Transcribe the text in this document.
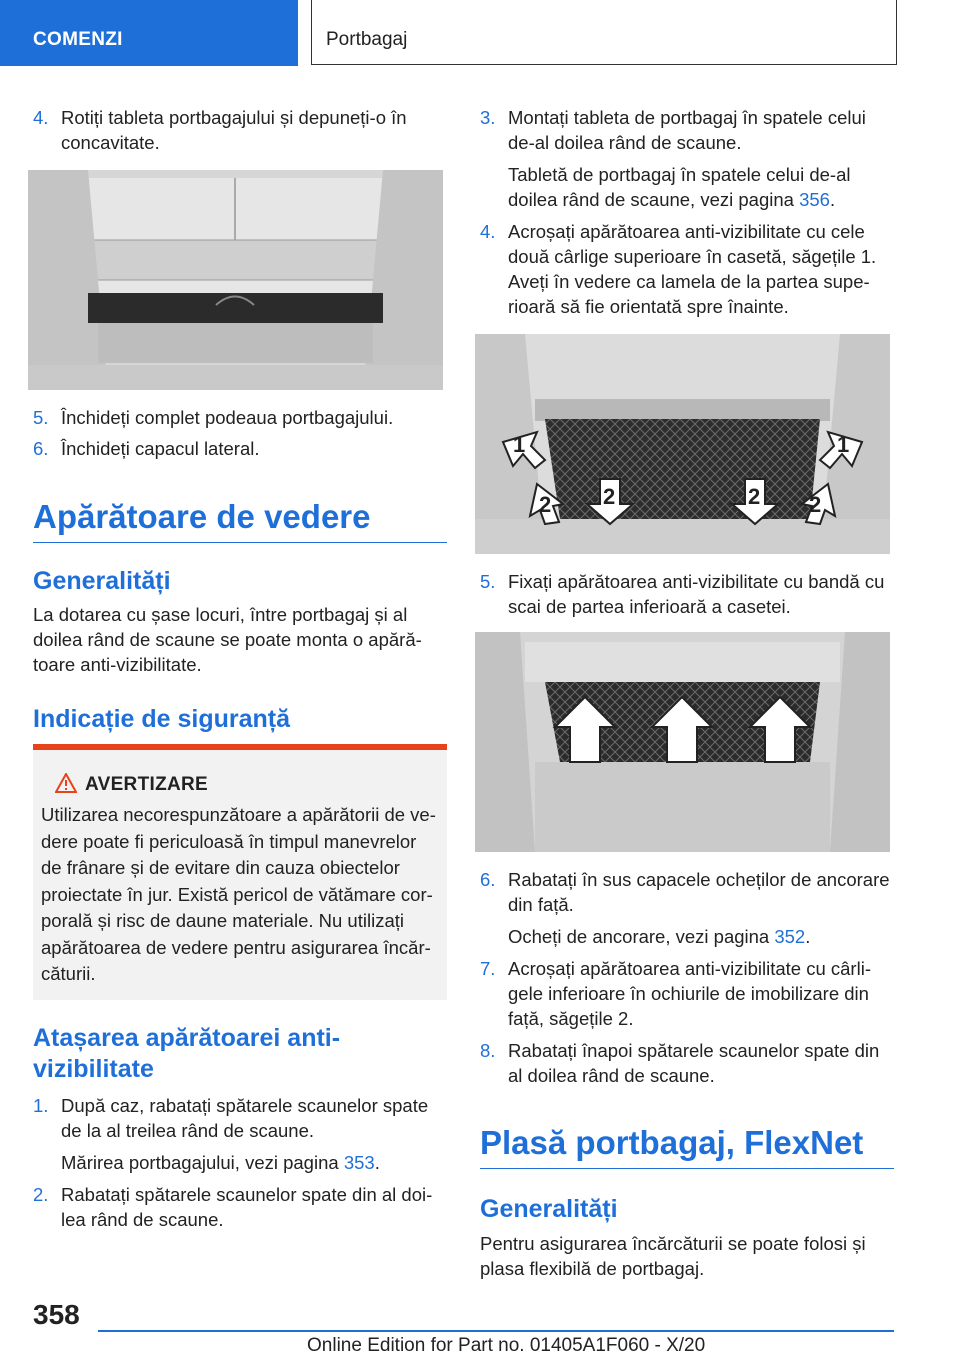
COMENZI	Portbagaj
4. Rotiți tableta portbagajului și depuneți-o în concavitate.
5. Închideți complet podeaua portbagajului.
6. Închideți capacul lateral.
Apărătoare de vedere
Generalități
La dotarea cu șase locuri, între portbagaj și al doilea rând de scaune se poate monta o apărătoare anti-vizibilitate.
Indicație de siguranță
AVERTIZARE
Utilizarea necorespunzătoare a apărătorii de vedere poate fi periculoasă în timpul manevrelor de frânare și de evitare din cauza obiectelor proiectate în jur. Există pericol de vătămare corporală și risc de daune materiale. Nu utilizați apărătoarea de vedere pentru asigurarea încărcăturii.
Atașarea apărătoarei anti-vizibilitate
1. După caz, rabatați spătarele scaunelor spate de la al treilea rând de scaune.
Mărirea portbagajului, vezi pagina 353.
2. Rabatați spătarele scaunelor spate din al doilea rând de scaune.
3. Montați tableta de portbagaj în spatele celui de-al doilea rând de scaune.
Tabletă de portbagaj în spatele celui de-al doilea rând de scaune, vezi pagina 356.
4. Acroșați apărătoarea anti-vizibilitate cu cele două cârlige superioare în casetă, săgețile 1. Aveți în vedere ca lamela de la partea superioară să fie orientată spre înainte.
1	1
2 2	2 2
5. Fixați apărătoarea anti-vizibilitate cu bandă cu scai de partea inferioară a casetei.
6. Rabatați în sus capacele ocheților de ancorare din față.
Ocheți de ancorare, vezi pagina 352.
7. Acroșați apărătoarea anti-vizibilitate cu cârligele inferioare în ochiurile de imobilizare din față, săgețile 2.
8. Rabatați înapoi spătarele scaunelor spate din al doilea rând de scaune.
Plasă portbagaj, FlexNet
Generalități
Pentru asigurarea încărcăturii se poate folosi și plasa flexibilă de portbagaj.
358
Online Edition for Part no. 01405A1F060 - X/20
